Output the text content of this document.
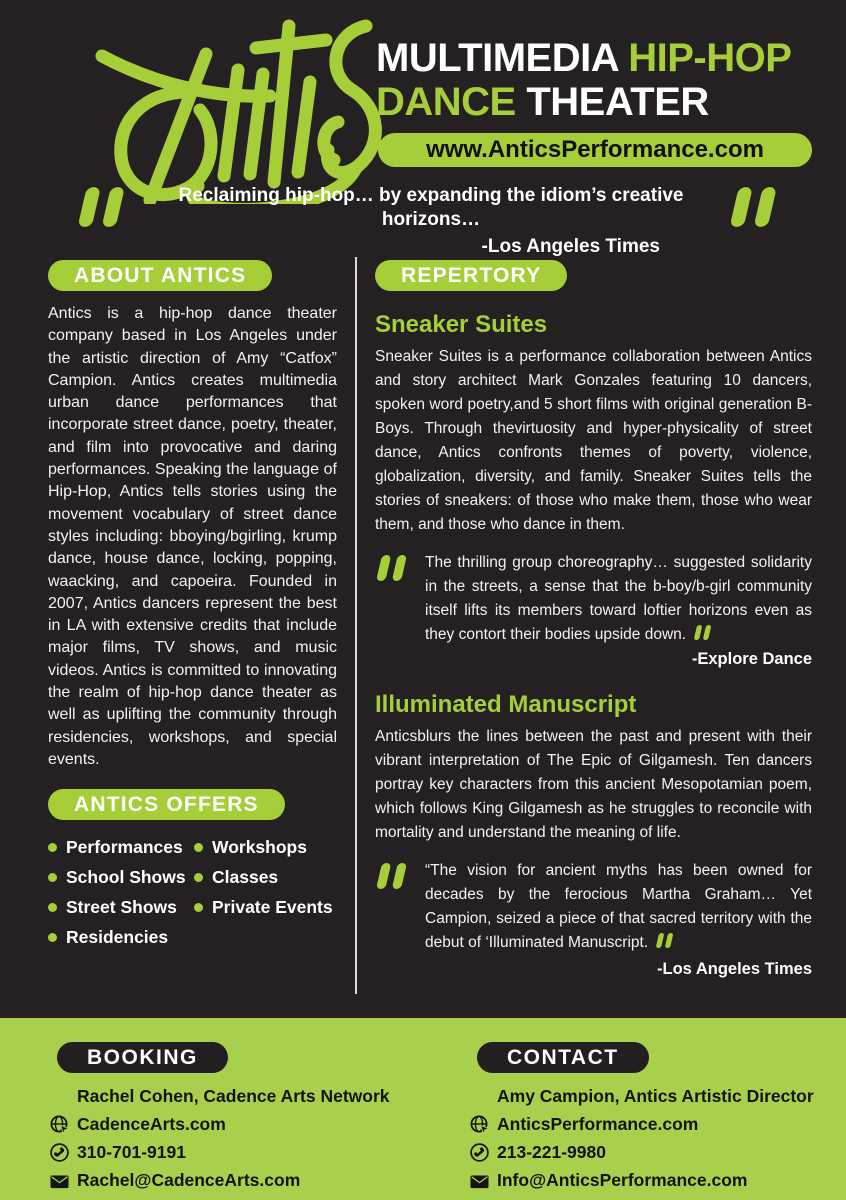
MULTIMEDIA HIP-HOP
DANCE THEATER
www.AnticsPerformance.com
Reclaiming hip-hop… by expanding the idiom’s creative horizons…
-Los Angeles Times
ABOUT ANTICS

Antics is a hip-hop dance theater company based in Los Angeles under the artistic direction of Amy “Catfox” Campion. Antics creates multimedia urban dance performances that incorporate street dance, poetry, theater, and film into provocative and daring performances. Speaking the language of Hip-Hop, Antics tells stories using the movement vocabulary of street dance styles including: bboying/bgirling, krump dance, house dance, locking, popping, waacking, and capoeira. Founded in 2007, Antics dancers represent the best in LA with extensive credits that include major films, TV shows, and music videos. Antics is committed to innovating the realm of hip-hop dance theater as well as uplifting the community through residencies, workshops, and special events.

ANTICS OFFERS
Performances
School Shows
Street Shows
Residencies
Workshops
Classes
Private Events
REPERTORY
Sneaker Suites

Sneaker Suites is a performance collaboration between Antics and story architect Mark Gonzales featuring 10 dancers, spoken word poetry,and 5 short films with original generation B-Boys. Through thevirtuosity and hyper-physicality of street dance, Antics confronts themes of poverty, violence, globalization, diversity, and family. Sneaker Suites tells the stories of sneakers: of those who make them, those who wear them, and those who dance in them.

The thrilling group choreography… suggested solidarity in the streets, a sense that the b-boy/b-girl community itself lifts its members toward loftier horizons even as they contort their bodies upside down.
-Explore Dance
Illuminated Manuscript

Anticsblurs the lines between the past and present with their vibrant interpretation of The Epic of Gilgamesh. Ten dancers portray key characters from this ancient Mesopotamian poem, which follows King Gilgamesh as he struggles to reconcile with mortality and understand the meaning of life.

“The vision for ancient myths has been owned for decades by the ferocious Martha Graham… Yet Campion, seized a piece of that sacred territory with the debut of ‘Illuminated Manuscript.
-Los Angeles Times
BOOKING
Rachel Cohen, Cadence Arts Network
CadenceArts.com
310-701-9191
Rachel@CadenceArts.com
CONTACT
Amy Campion, Antics Artistic Director
AnticsPerformance.com
213-221-9980
Info@AnticsPerformance.com
